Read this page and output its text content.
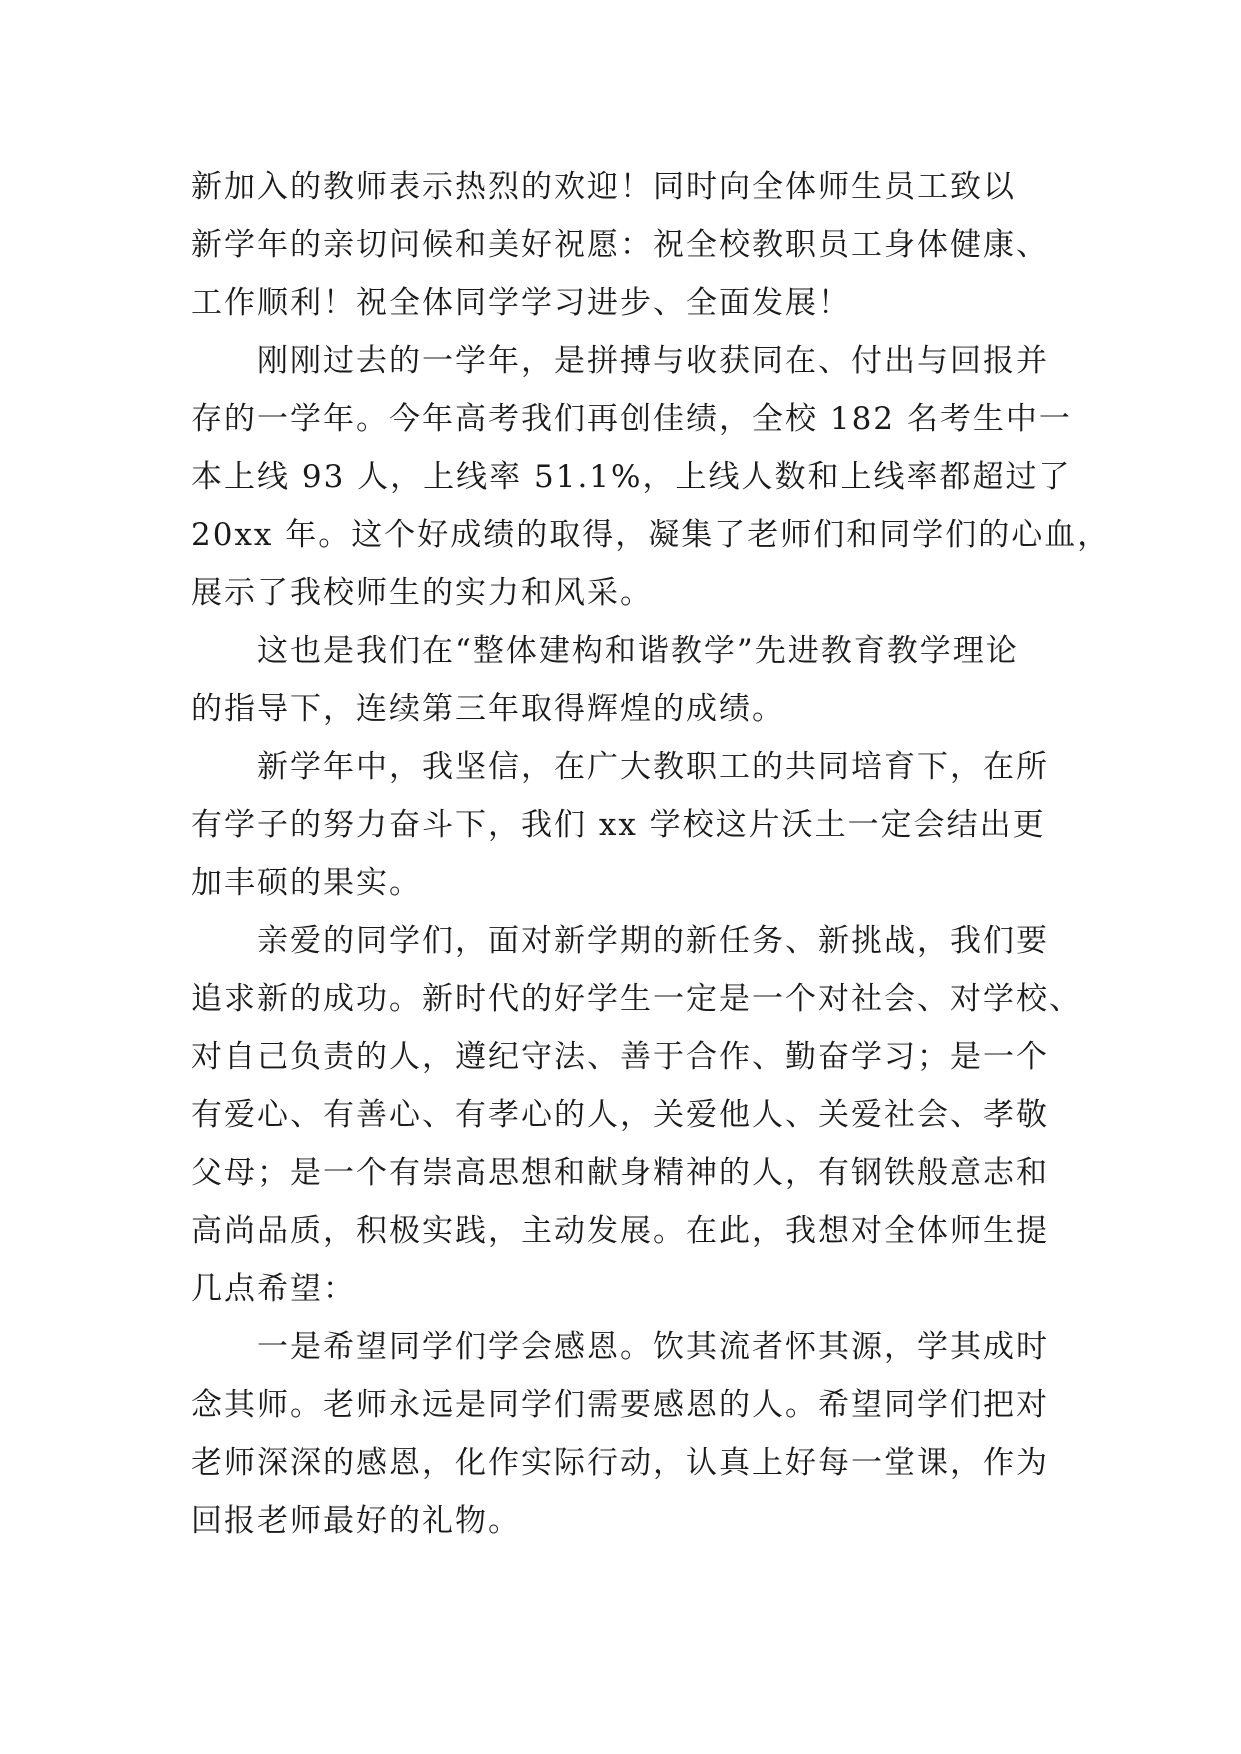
新加入的教师表示热烈的欢迎！同时向全体师生员工致以
新学年的亲切问候和美好祝愿：祝全校教职员工身体健康、
工作顺利！祝全体同学学习进步、全面发展！
刚刚过去的一学年，是拼搏与收获同在、付出与回报并
存的一学年。今年高考我们再创佳绩，全校 182 名考生中一
本上线 93 人，上线率 51.1%，上线人数和上线率都超过了
20xx 年。这个好成绩的取得，凝集了老师们和同学们的心血，
展示了我校师生的实力和风采。
这也是我们在“整体建构和谐教学”先进教育教学理论
的指导下，连续第三年取得辉煌的成绩。
新学年中，我坚信，在广大教职工的共同培育下，在所
有学子的努力奋斗下，我们 xx 学校这片沃土一定会结出更
加丰硕的果实。
亲爱的同学们，面对新学期的新任务、新挑战，我们要
追求新的成功。新时代的好学生一定是一个对社会、对学校、
对自己负责的人，遵纪守法、善于合作、勤奋学习；是一个
有爱心、有善心、有孝心的人，关爱他人、关爱社会、孝敬
父母；是一个有崇高思想和献身精神的人，有钢铁般意志和
高尚品质，积极实践，主动发展。在此，我想对全体师生提
几点希望：
一是希望同学们学会感恩。饮其流者怀其源，学其成时
念其师。老师永远是同学们需要感恩的人。希望同学们把对
老师深深的感恩，化作实际行动，认真上好每一堂课，作为
回报老师最好的礼物。
